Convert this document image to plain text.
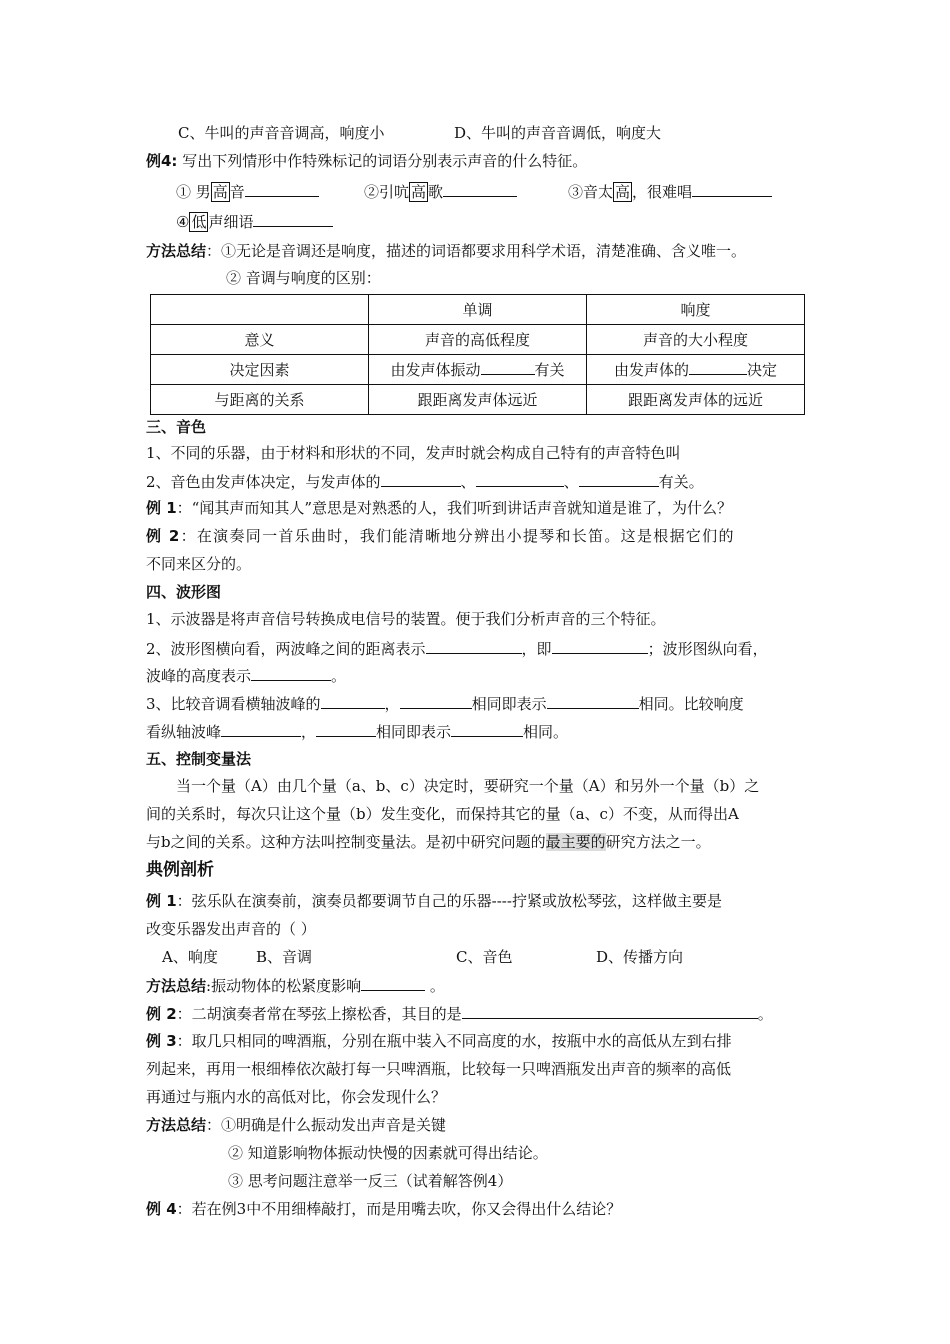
C、牛叫的声音音调高，响度小	D、牛叫的声音音调低，响度大
例4: 写出下列情形中作特殊标记的词语分别表示声音的什么特征。
① 男 高 音	②引吭 高 歌	③音太 高 ，很难唱
④ 低 声细语
方法总结：①无论是音调还是响度，描述的词语都要求用科学术语，清楚准确、含义唯一。
② 音调与响度的区别：
	单调	响度
意义	声音的高低程度	声音的大小程度
决定因素	由发声体振动 有关	由发声体的 决定
与距离的关系	跟距离发声体远近	跟距离发声体的远近
三、音色
1、不同的乐器，由于材料和形状的不同，发声时就会构成自己特有的声音特色叫
2、音色由发声体决定，与发声体的	、	、	有关。
例 1：“闻其声而知其人”意思是对熟悉的人，我们听到讲话声音就知道是谁了，为什么？
例 2：在演奏同一首乐曲时，我们能清晰地分辨出小提琴和长笛。这是根据它们的
不同来区分的。
四、波形图
1、示波器是将声音信号转换成电信号的装置。便于我们分析声音的三个特征。
2、波形图横向看，两波峰之间的距离表示	，即	；波形图纵向看，
波峰的高度表示	。
3、比较音调看横轴波峰的	，	相同即表示	相同。比较响度
看纵轴波峰	，	相同即表示	相同。
五、控制变量法
当一个量（A）由几个量（a、b、c）决定时，要研究一个量（A）和另外一个量（b）之
间的关系时，每次只让这个量（b）发生变化，而保持其它的量（a、c）不变，从而得出A
与b之间的关系。这种方法叫控制变量法。是初中研究问题的最主要的研究方法之一。
典例剖析
例 1：弦乐队在演奏前，演奏员都要调节自己的乐器----拧紧或放松琴弦，这样做主要是
改变乐器发出声音的（ ）
A、响度	B、音调	C、音色	D、传播方向
方法总结:振动物体的松紧度影响	。
例 2：二胡演奏者常在琴弦上擦松香，其目的是	。
例 3：取几只相同的啤酒瓶，分别在瓶中装入不同高度的水，按瓶中水的高低从左到右排
列起来，再用一根细棒依次敲打每一只啤酒瓶，比较每一只啤酒瓶发出声音的频率的高低
再通过与瓶内水的高低对比，你会发现什么？
方法总结：①明确是什么振动发出声音是关键
② 知道影响物体振动快慢的因素就可得出结论。
③ 思考问题注意举一反三（试着解答例4）
例 4：若在例3中不用细棒敲打，而是用嘴去吹，你又会得出什么结论？
